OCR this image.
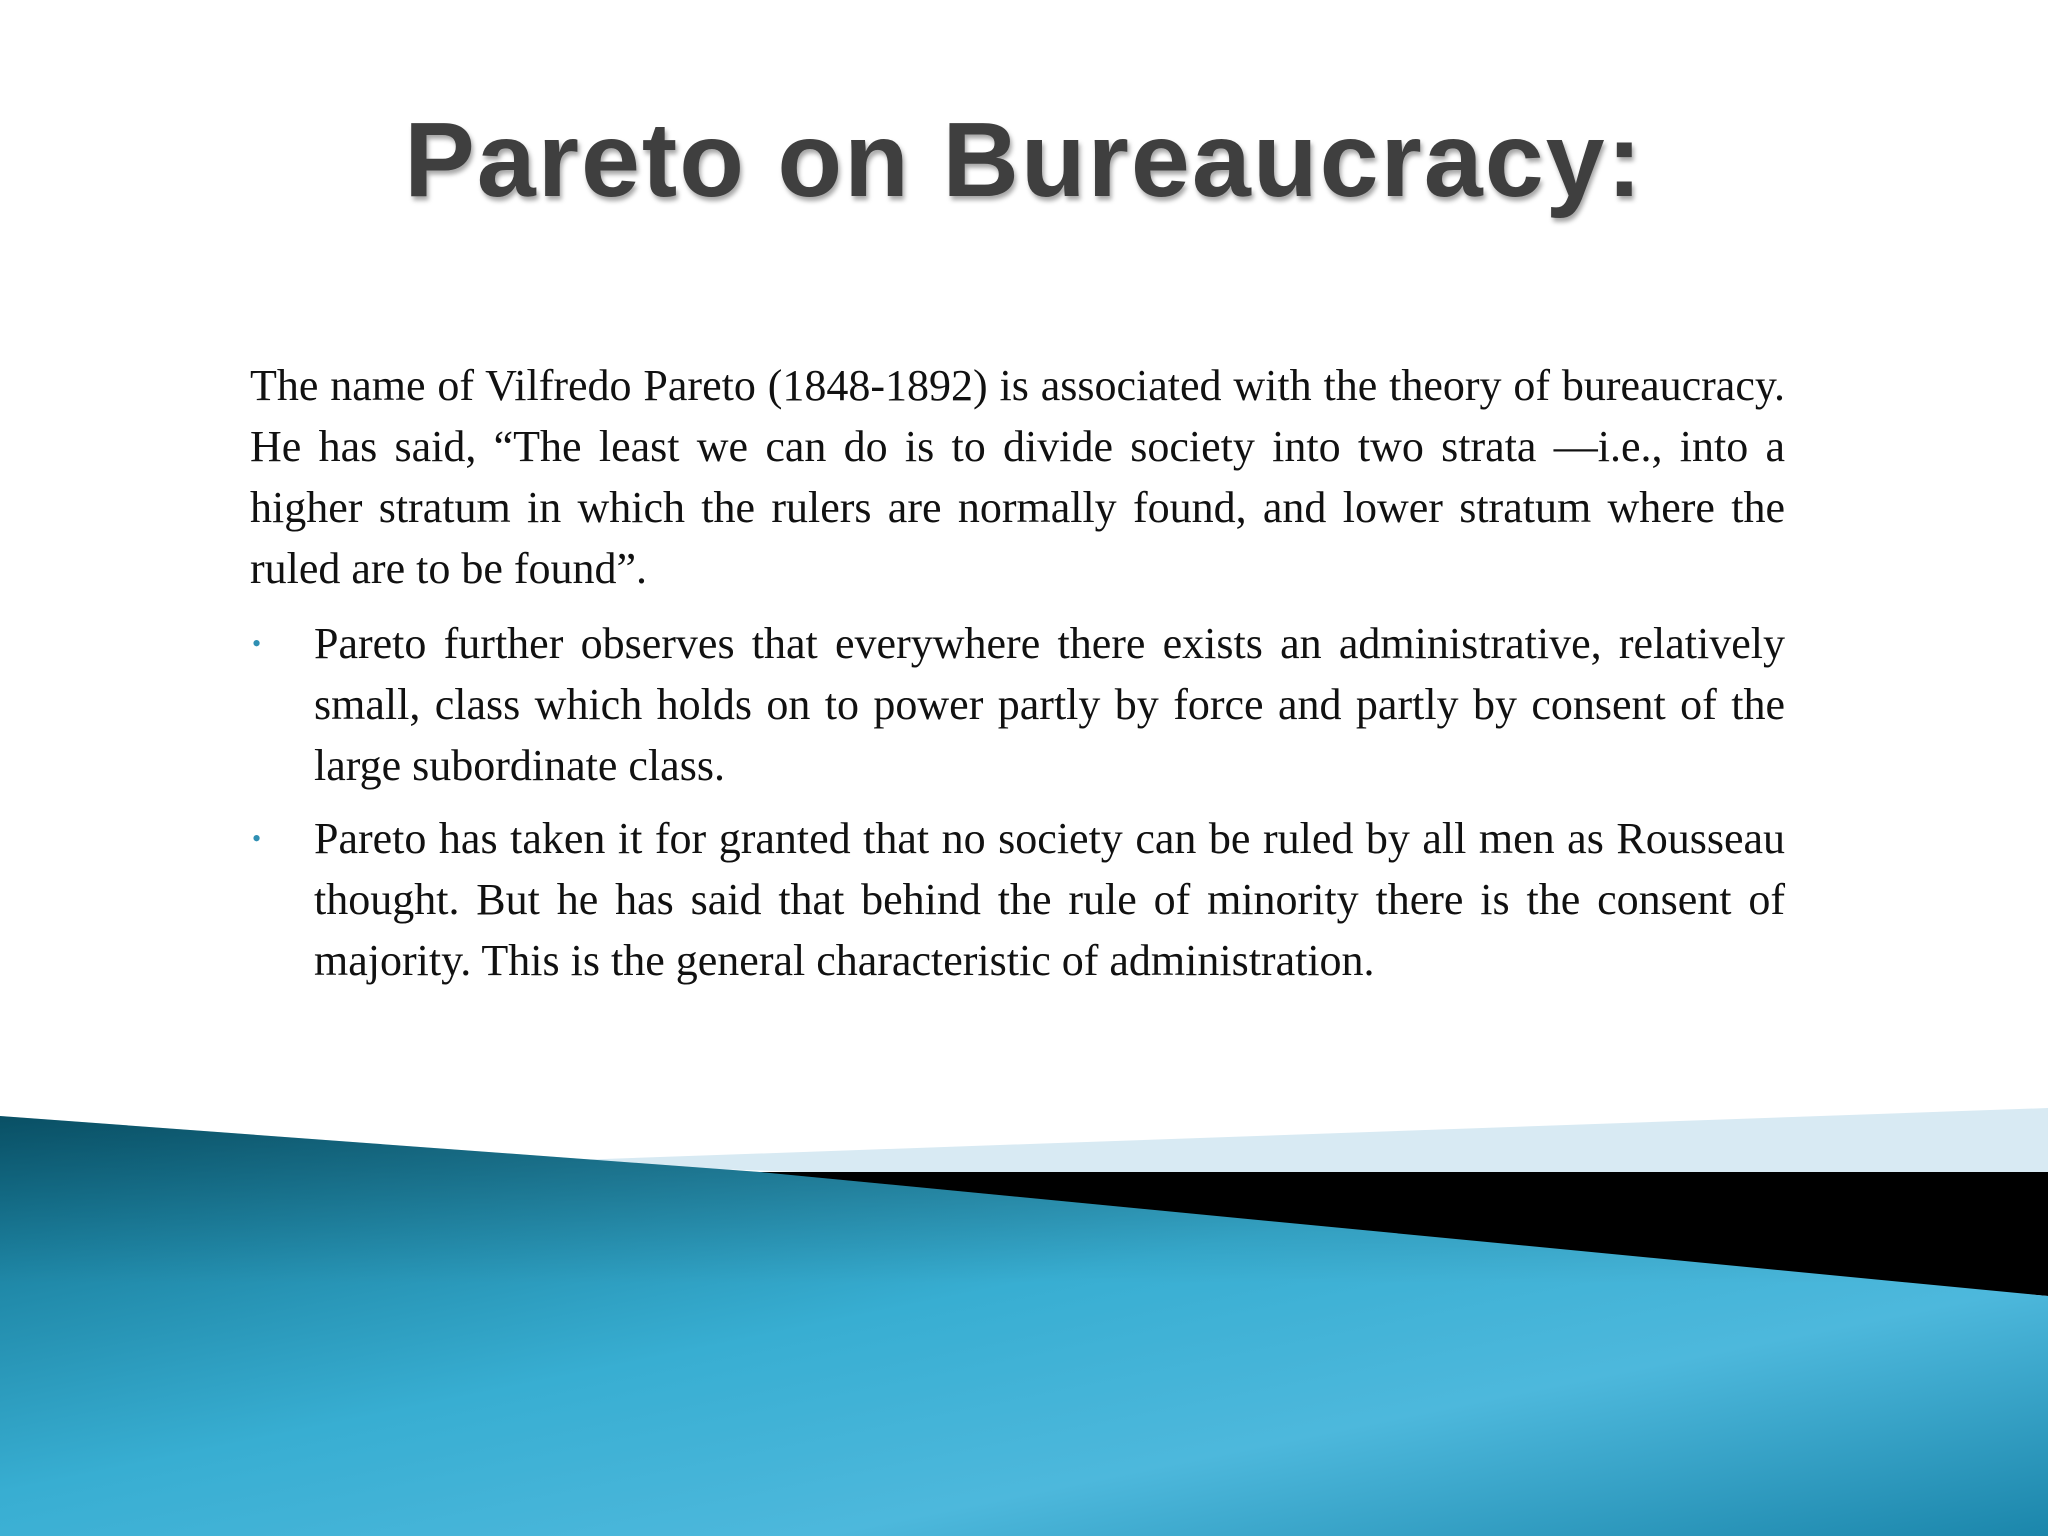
Pareto on Bureaucracy:

The name of Vilfredo Pareto (1848-1892) is associated with the theory of bureaucracy. He has said, “The least we can do is to divide society into two strata —i.e., into a higher stratum in which the rulers are normally found, and lower stratum where the ruled are to be found”.

• Pareto further observes that everywhere there exists an administrative, relatively small, class which holds on to power partly by force and partly by consent of the large subordinate class.
• Pareto has taken it for granted that no society can be ruled by all men as Rousseau thought. But he has said that behind the rule of minority there is the consent of majority. This is the general characteristic of administration.
